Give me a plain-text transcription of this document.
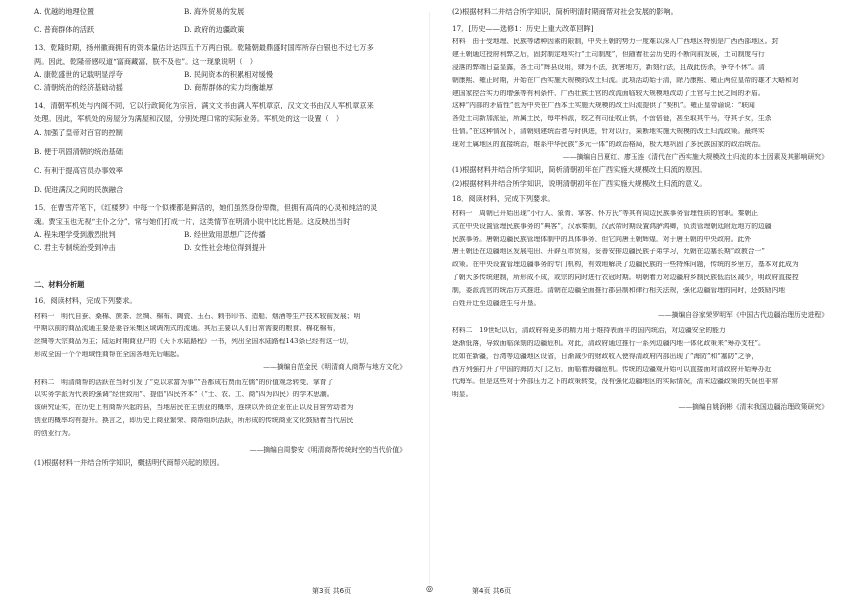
A. 优越的地理位置	B. 海外贸易的发展
C. 普商群体的活跃	D. 政府的边疆政策

13．乾隆时期，扬州徽商拥有的资本量估计达四五千万两白银。乾隆朝最鼎盛时国库所存白银也不过七万多

两。因此，乾隆帝感叹道“富商藏富，朕不及也”。这一现象说明（　）

A. 康乾盛世的记载明显浮夸	B. 民间资本的积累相对缓慢
C. 清朝统治的经济基础动摇	D. 商帮群体的实力均衡雄厚

14．清朝军机处与内阁不同，它以行政简化为宗旨，满文文书由满人军机章京，汉文文书由汉人军机章京来

处理。因此，军机处的房屋分为满屋和汉屋，分别处理口常的实际业务。军机处的这一设置（　）

A. 加强了皇帝对百官的控制

B. 便于巩固清朝的统治基础

C. 有利于提高官员办事效率

D. 促进满汉之间的民族融合

15．在曹雪芹笔下，《红楼梦》中每一个似裸都是鲜活的，她们虽然身份卑微，但拥有高尚的心灵和纯洁的灵

魂。贾宝玉也无视“主仆之分”，常与她们打成一片，这类情节在明清小说中比比皆是。这反映出当时

A. 程朱理学受到激烈批判	B. 经世致用思想广泛传播
C. 君主专制统治受到冲击	D. 女性社会地位得到提升

二、材料分析题

16．阅读材料，完成下列要求。

材料一　明代自蚕、桑棉、蔗茶、丝绸、棉布、陶瓷、玉石、刺书印书、造船、烟酒等生产技术较前发展；明

中期以前的商品流通主要是妻谷采集区域调剂式的流通。其后主要以人们日常需要的粮食、棉花棉布，

丝绸等大宗商品为主；陆运时期商业户的《天下水陆路程》一书，列出全国水陆路程143条已经有这一切，

形成全国一个个地域性商帮在全国各地先后崛起。

——摘编自范金民《明清商人商帮与地方文化》

材料二　明清商帮的活跃在当时引发了“克以求富为事”“吾都成右贾而左儒”的价值观念转变，掌育了

以实务学派为代表的强调“经世致用”、提倡“四民齐本”（“士、农、工、商”四为四民）的学术思潮。

该研究证实，在历史上有商帮兴起的县，当地居民在主创业的概率，连续以外资企业在正以及自营劳动者为

创业的概率均有提升。换言之，即历史上商业繁荣、商帮组织活跃，所形成的传统商业文化鼓励着当代居民

的创业行为。

——摘编自周黎安《明清商帮传统时空的当代价值》

(1)根据材料一并结合所学知识，概括明代商帮兴起的原因。

(2)根据材料二并结合所学知识，简析明清时期商帮对社会发展的影响。

17．[历史——选修1：历史上重大改革回眸]

材料　由于受地理、民族等诸种因素的限制，中央王朝的势力一度难以深入广西地区特别是广西西部地区。封

建王朝通过授府利弊之后，固封制定地实行“土司制度”，但随着社会历史的不断向前发展，土司制度与行

浸落的弊端日益显露，各土司“辉县设用，肆为不法，扰害地方，新刻行法，且战此伤杀，争夺不休”。清

朝康熙、雍正时期，开始在广西实施大规模的改土归流。此项活动始于清，除乃康熙、雍正两位皇帝的雄才大略和对

建国家控合实力的增强等有利条件，广西壮族土官的改流面临较大规模地改动了土官与土民之间的矛盾。

这种“内部的矛盾性”也为中央在广西本土实施大规模的改土归流提供了“契机”。雍正皇帝谕说：“联闻

各处土司新加派征，所属土民，每年科派，较之有司征收正供，不啻倍蓰，甚至取其牛马，夺其子女，生杀

任情。”在这种情况下，清朝则建统治者与时俱进，针对以行，果断地实施大规模的改土归流政策。最终实

现对土属地区的直接统治，维系中华民族“多元一体”的政治格局，极大地巩固了多民族国家的政治统治。

——摘编自吕夏红、廖玉连《清代在广西实施大规模改土归流的本土因素及其影响研究》

(1)根据材料并结合所学知识，简析清朝初年在广西实施大规模改土归流的原因。

(2)根据材料并结合所学知识，说明清朝初年在广西实施大规模改土归流的意义。

18．阅读材料，完成下列要求。

材料一　周朝已开始出现“小行人、象胥、掌客、怀方氏”等其有周边民族事务管理性质的官职。秦朝正

式在中央设置管理民族事务的“典客”，汉承秦制，汉武帝时期设置鸿胪鸿卿，负责管理朝廷附近地方的边疆

民族事务。唐朝边疆民族管理体制中的具体事务，但它向唐王朝辉煌，对于唐王朝的中央政府。此外

唐王朝还在边疆地区发展屯田、开辟互市贸易，妥善安排边疆民族子弟学习，允朝在边塞长期“政教合一”

政策。在中央设置管理边疆事务的专门机构，有效地解决了边疆民族的一些特殊问题，传统的乡里方，基本对此成为

了朝大多传统建制，所形成不成，或宗的同时进行衣冠时期。明朝着力对边疆府乡制民族低治区减少，明政府直接控

制，委派流官的统治方式推进。清朝在边疆全面推行郡县制和律行相关法规，强化边疆管理的同时，还鼓励内地

百姓开迁至边疆进生与开垦。

——摘编自谷家荣罗明军《中国古代边疆治理历史进程》

材料二　19世纪以后，清政府将更多的精力用于维持表面平的国内统治，对边疆安全的能力

逐渐低落，导致面临深刻的边疆危机。对此，清政府通过推行一系列边疆内地一体化政策来“筹办支柱”。

比如在新疆，台湾等边疆地区设省，日渐减少的财政收入使得清政府内部出现了“海防”和“塞防”之争，

西方列强打开了中国的海防大门之后，面临着海疆危机。传统的边疆观开始可以直接面对清政府开始筹办近

代海军。但是这些对于外部压力之下的政策转变，没有强化边疆地区的实际情况，清末边疆政策的失误也非常

明显。

——摘编自姚润彬《清末我国边疆治理政策研究》

第3页 共6页	◎	第4页 共6页
